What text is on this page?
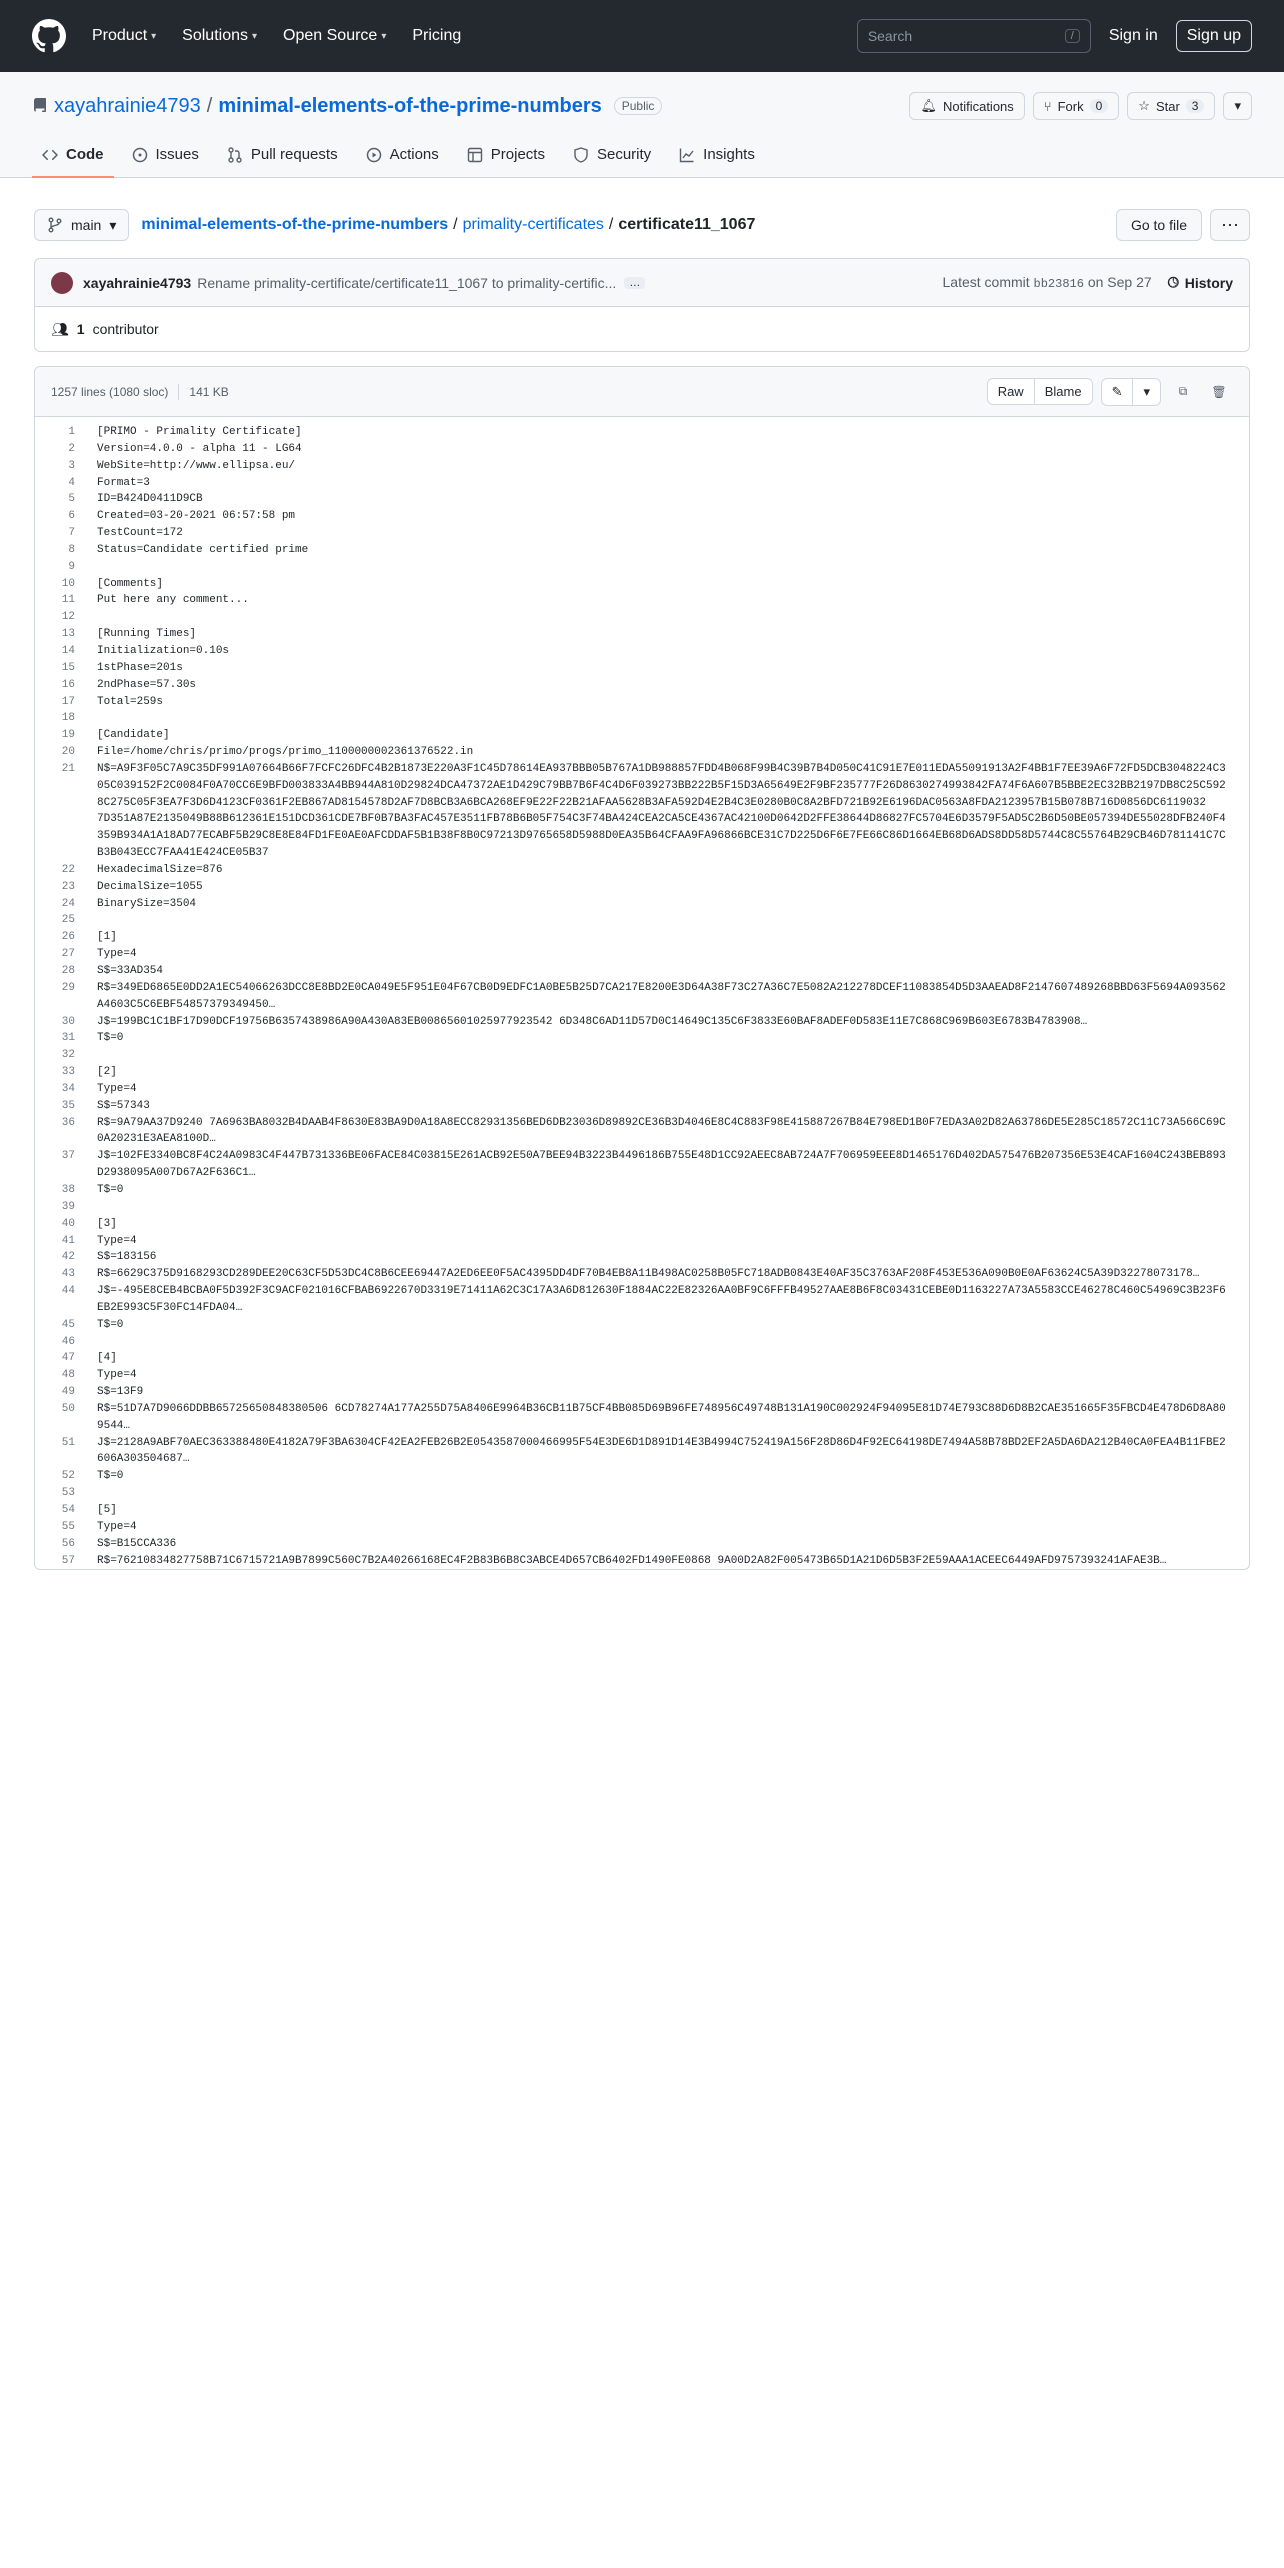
Product ▾ Solutions ▾ Open Source ▾ Pricing	Search	/	Sign in	Sign up
xayahrainie4793 / minimal-elements-of-the-prime-numbers	Public	🔔︎ Notifications ⑂ Fork	0	☆ Star	3	▾
Code	Issues	Pull requests	Actions	Projects	Security	Insights
main ▾ minimal-elements-of-the-prime-numbers / primality-certificates / certificate11_1067	Go to file	⋯
xayahrainie4793 Rename primality-certificate/certificate11_1067 to primality-certific...	…	Latest commit bb23816 on Sep 27 🕓︎ History
👥︎ 1 contributor
1257 lines (1080 sloc) 141 KB	Raw	Blame	✎	▾	⧉	🗑︎
1 [PRIMO - Primality Certificate]
2 Version=4.0.0 - alpha 11 - LG64
3 WebSite=http://www.ellipsa.eu/
4 Format=3
5 ID=B424D0411D9CB
6 Created=03-20-2021 06:57:58 pm
7 TestCount=172
8 Status=Candidate certified prime
9
10 [Comments]
11 Put here any comment...
12
13 [Running Times]
14 Initialization=0.10s
15 1stPhase=201s
16 2ndPhase=57.30s
17 Total=259s
18
19 [Candidate]
20 File=/home/chris/primo/progs/primo_1100000002361376522.in
21 N$=A9F3F05C7A9C35DF991A07664B66F7FCFC26DFC4B2B1873E220A3F1C45D78614EA937BBB05B767A1DB988857FDD4B068F99B4C39B7B4D050C41C91E7E011EDA55091913A2F4BB1F7EE39A6F72FD5DCB3048224C305C039152F2C0084F0A70CC6E9BFD003833A4BB944A810D29824DCA47372AE1D429C79BB7B6F4C4D6F039273BB222B5F15D3A65649E2F9BF235777F26D8630274993842FA74F6A607B5BBE2EC32BB2197DB8C25C5928C275C05F3EA7F3D6D4123CF0361F2EB867AD8154578D2AF7D8BCB3A6BCA268EF9E22F22B21AFAA5628B3AFA592D4E2B4C3E0280B0C8A2BFD721B92E6196DAC0563A8FDA2123957B15B078B716D0856DC6119032
7D351A87E2135049B88B612361E151DCD361CDE7BF0B7BA3FAC457E3511FB78B6B05F754C3F74BA424CEA2CA5CE4367AC42100D0642D2FFE38644D86827FC5704E6D3579F5AD5C2B6D50BE057394DE55028DFB240F4359B934A1A18AD77ECABF5B29C8E8E84FD1FE0AE0AFCDDAF5B1B38F8B0C97213D9765658D5988D0EA35B64CFAA9FA96866BCE31C7D225D6F6E7FE66C86D1664EB68D6ADS8DD58D5744C8C55764B29CB46D781141C7CB3B043ECC7FAA41E424CE05B37
22 HexadecimalSize=876
23 DecimalSize=1055
24 BinarySize=3504
25
26 [1]
27 Type=4
28 S$=33AD354
29 R$=349ED6865E0DD2A1EC54066263DCC8E8BD2E0CA049E5F951E04F67CB0D9EDFC1A0BE5B25D7CA217E8200E3D64A38F73C27A36C7E5082A212278DCEF11083854D5D3AAEAD8F2147607489268BBD63F5694A093562A4603C5C6EBF54857379349450…
30 J$=199BC1C1BF17D90DCF19756B6357438986A90A430A83EB00865601025977923542 6D348C6AD11D57D0C14649C135C6F3833E60BAF8ADEF0D583E11E7C868C969B603E6783B4783908…
31 T$=0
32
33 [2]
34 Type=4
35 S$=57343
36 R$=9A79AA37D9240 7A6963BA8032B4DAAB4F8630E83BA9D0A18A8ECC82931356BED6DB23036D89892CE36B3D4046E8C4C883F98E415887267B84E798ED1B0F7EDA3A02D82A63786DE5E285C18572C11C73A566C69C0A20231E3AEA8100D…
37 J$=102FE3340BC8F4C24A0983C4F447B731336BE06FACE84C03815E261ACB92E50A7BEE94B3223B4496186B755E48D1CC92AEEC8AB724A7F706959EEE8D1465176D402DA575476B207356E53E4CAF1604C243BEB893D2938095A007D67A2F636C1…
38 T$=0
39
40 [3]
41 Type=4
42 S$=183156
43 R$=6629C375D9168293CD289DEE20C63CF5D53DC4C8B6CEE69447A2ED6EE0F5AC4395DD4DF70B4EB8A11B498AC0258B05FC718ADB0843E40AF35C3763AF208F453E536A090B0E0AF63624C5A39D32278073178…
44 J$=-495E8CEB4BCBA0F5D392F3C9ACF021016CFBAB6922670D3319E71411A62C3C17A3A6D812630F1884AC22E82326AA0BF9C6FFFB49527AAE8B6F8C03431CEBE0D1163227A73A5583CCE46278C460C54969C3B23F6EB2E993C5F30FC14FDA04…
45 T$=0
46
47 [4]
48 Type=4
49 S$=13F9
50 R$=51D7A7D9066DDBB65725650848380506 6CD78274A177A255D75A8406E9964B36CB11B75CF4BB085D69B96FE748956C49748B131A190C002924F94095E81D74E793C88D6D8B2CAE351665F35FBCD4E478D6D8A809544…
51 J$=2128A9ABF70AEC363388480E4182A79F3BA6304CF42EA2FEB26B2E0543587000466995F54E3DE6D1D891D14E3B4994C752419A156F28D86D4F92EC64198DE7494A58B78BD2EF2A5DA6DA212B40CA0FEA4B11FBE2606A303504687…
52 T$=0
53
54 [5]
55 Type=4
56 S$=B15CCA336
57 R$=76210834827758B71C6715721A9B7899C560C7B2A40266168EC4F2B83B6B8C3ABCE4D657CB6402FD1490FE0868 9A00D2A82F005473B65D1A21D6D5B3F2E59AAA1ACEEC6449AFD9757393241AFAE3B…
